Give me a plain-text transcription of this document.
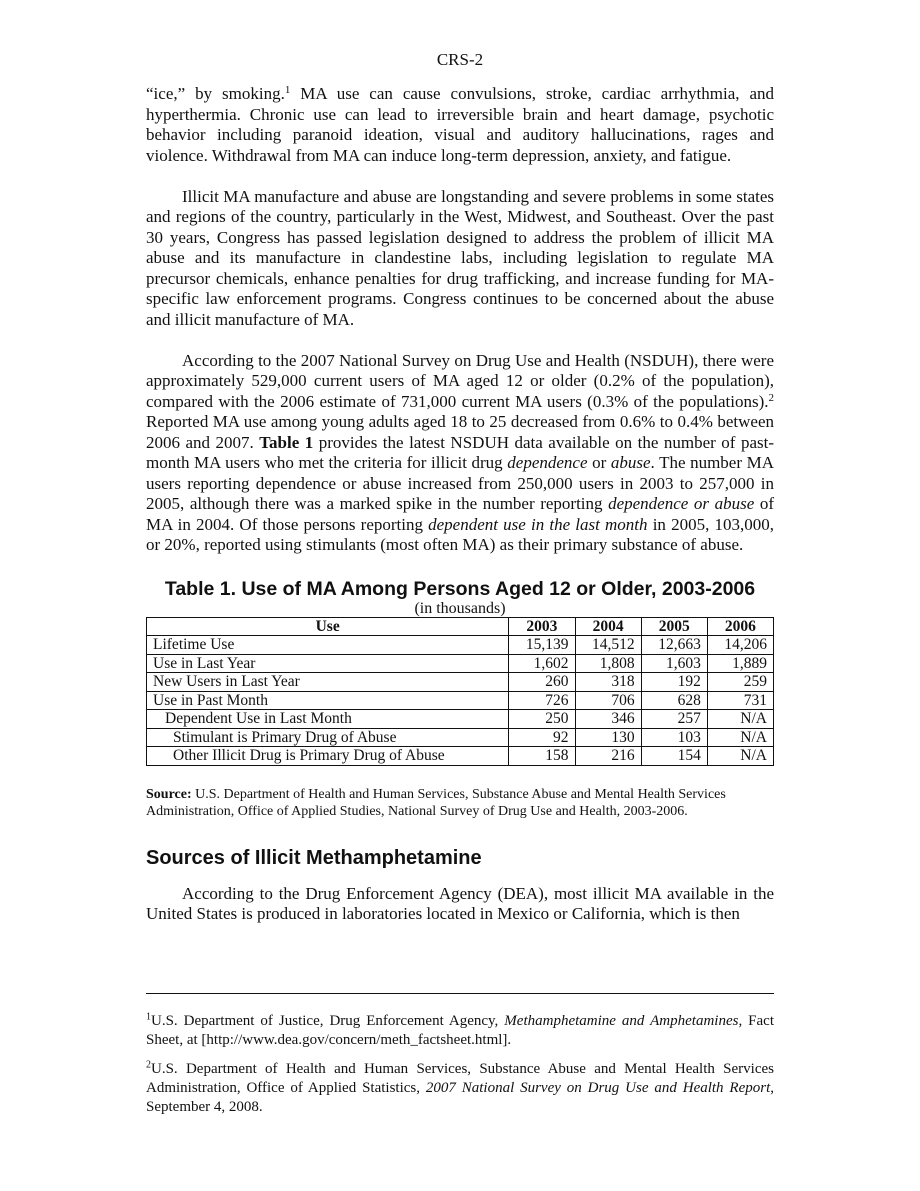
CRS-2

“ice,” by smoking.$^1$ MA use can cause convulsions, stroke, cardiac arrhythmia, and hyperthermia. Chronic use can lead to irreversible brain and heart damage, psychotic behavior including paranoid ideation, visual and auditory hallucinations, rages and violence. Withdrawal from MA can induce long-term depression, anxiety, and fatigue.

Illicit MA manufacture and abuse are longstanding and severe problems in some states and regions of the country, particularly in the West, Midwest, and Southeast. Over the past 30 years, Congress has passed legislation designed to address the problem of illicit MA abuse and its manufacture in clandestine labs, including legislation to regulate MA precursor chemicals, enhance penalties for drug trafficking, and increase funding for MA-specific law enforcement programs. Congress continues to be concerned about the abuse and illicit manufacture of MA.

According to the 2007 National Survey on Drug Use and Health (NSDUH), there were approximately 529,000 current users of MA aged 12 or older (0.2% of the population), compared with the 2006 estimate of 731,000 current MA users (0.3% of the populations).$^2$ Reported MA use among young adults aged 18 to 25 decreased from 0.6% to 0.4% between 2006 and 2007. Table 1 provides the latest NSDUH data available on the number of past-month MA users who met the criteria for illicit drug dependence or abuse. The number MA users reporting dependence or abuse increased from 250,000 users in 2003 to 257,000 in 2005, although there was a marked spike in the number reporting dependence or abuse of MA in 2004. Of those persons reporting dependent use in the last month in 2005, 103,000, or 20%, reported using stimulants (most often MA) as their primary substance of abuse.

Table 1. Use of MA Among Persons Aged 12 or Older, 2003-2006
(in thousands)
Use	2003	2004	2005	2006
Lifetime Use	15,139	14,512	12,663	14,206
Use in Last Year	1,602	1,808	1,603	1,889
New Users in Last Year	260	318	192	259
Use in Past Month	726	706	628	731
Dependent Use in Last Month	250	346	257	N/A
Stimulant is Primary Drug of Abuse	92	130	103	N/A
Other Illicit Drug is Primary Drug of Abuse	158	216	154	N/A

Source: U.S. Department of Health and Human Services, Substance Abuse and Mental Health Services Administration, Office of Applied Studies, National Survey of Drug Use and Health, 2003-2006.

Sources of Illicit Methamphetamine

According to the Drug Enforcement Agency (DEA), most illicit MA available in the United States is produced in laboratories located in Mexico or California, which is then

$^1$U.S. Department of Justice, Drug Enforcement Agency, Methamphetamine and Amphetamines, Fact Sheet, at [http://www.dea.gov/concern/meth_factsheet.html].

$^2$U.S. Department of Health and Human Services, Substance Abuse and Mental Health Services Administration, Office of Applied Statistics, 2007 National Survey on Drug Use and Health Report, September 4, 2008.
